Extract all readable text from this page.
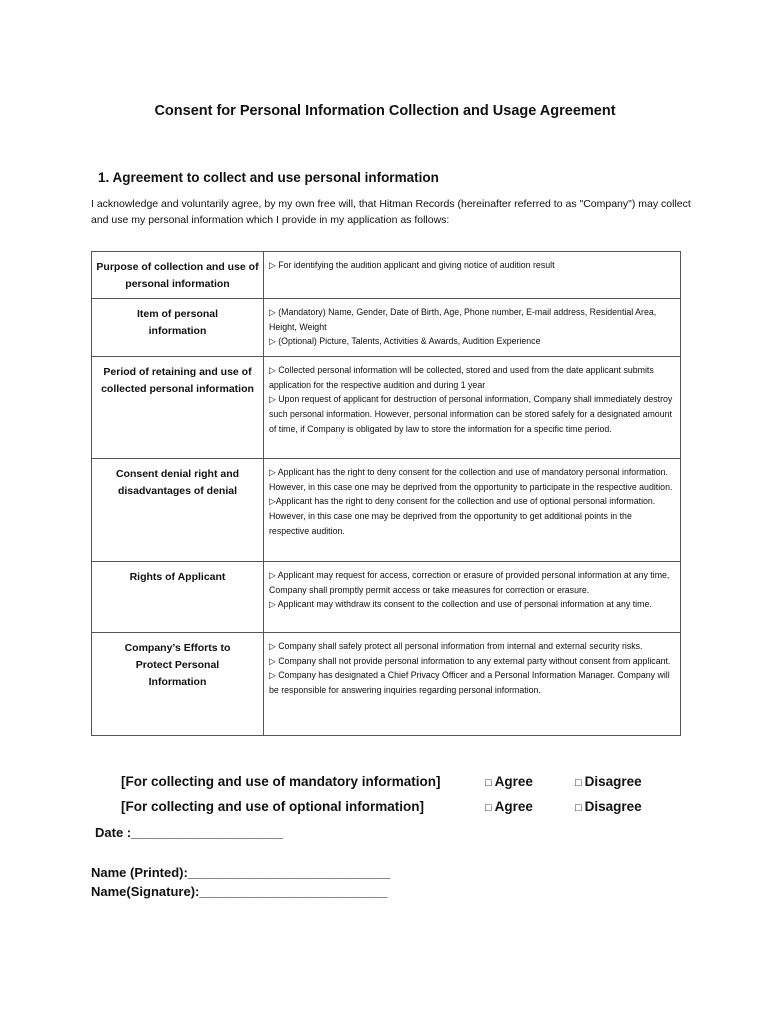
Consent for Personal Information Collection and Usage Agreement
1. Agreement to collect and use personal information

I acknowledge and voluntarily agree, by my own free will, that Hitman Records (hereinafter referred to as "Company") may collect and use my personal information which I provide in my application as follows:

Purpose of collection and use of personal information	▷ For identifying the audition applicant and giving notice of audition result

Item of personal information	▷ (Mandatory) Name, Gender, Date of Birth, Age, Phone number, E-mail address, Residential Area, Height, Weight
▷ (Optional) Picture, Talents, Activities & Awards, Audition Experience

Period of retaining and use of collected personal information	▷ Collected personal information will be collected, stored and used from the date applicant submits application for the respective audition and during 1 year
▷ Upon request of applicant for destruction of personal information, Company shall immediately destroy such personal information. However, personal information can be stored safely for a designated amount of time, if Company is obligated by law to store the information for a specific time period.

Consent denial right and disadvantages of denial	▷ Applicant has the right to deny consent for the collection and use of mandatory personal information. However, in this case one may be deprived from the opportunity to participate in the respective audition.
▷Applicant has the right to deny consent for the collection and use of optional personal information. However, in this case one may be deprived from the opportunity to get additional points in the respective audition.

Rights of Applicant	▷ Applicant may request for access, correction or erasure of provided personal information at any time, Company shall promptly permit access or take measures for correction or erasure.
▷ Applicant may withdraw its consent to the collection and use of personal information at any time.

Company’s Efforts to Protect Personal Information	▷ Company shall safely protect all personal information from internal and external security risks.
▷ Company shall not provide personal information to any external party without consent from applicant.
▷ Company has designated a Chief Privacy Officer and a Personal Information Manager. Company will be responsible for answering inquiries regarding personal information.
[For collecting and use of mandatory information]	□ Agree	□ Disagree
[For collecting and use of optional information]	□ Agree	□ Disagree
Date :_____________________
Name (Printed):____________________________
Name(Signature):__________________________
